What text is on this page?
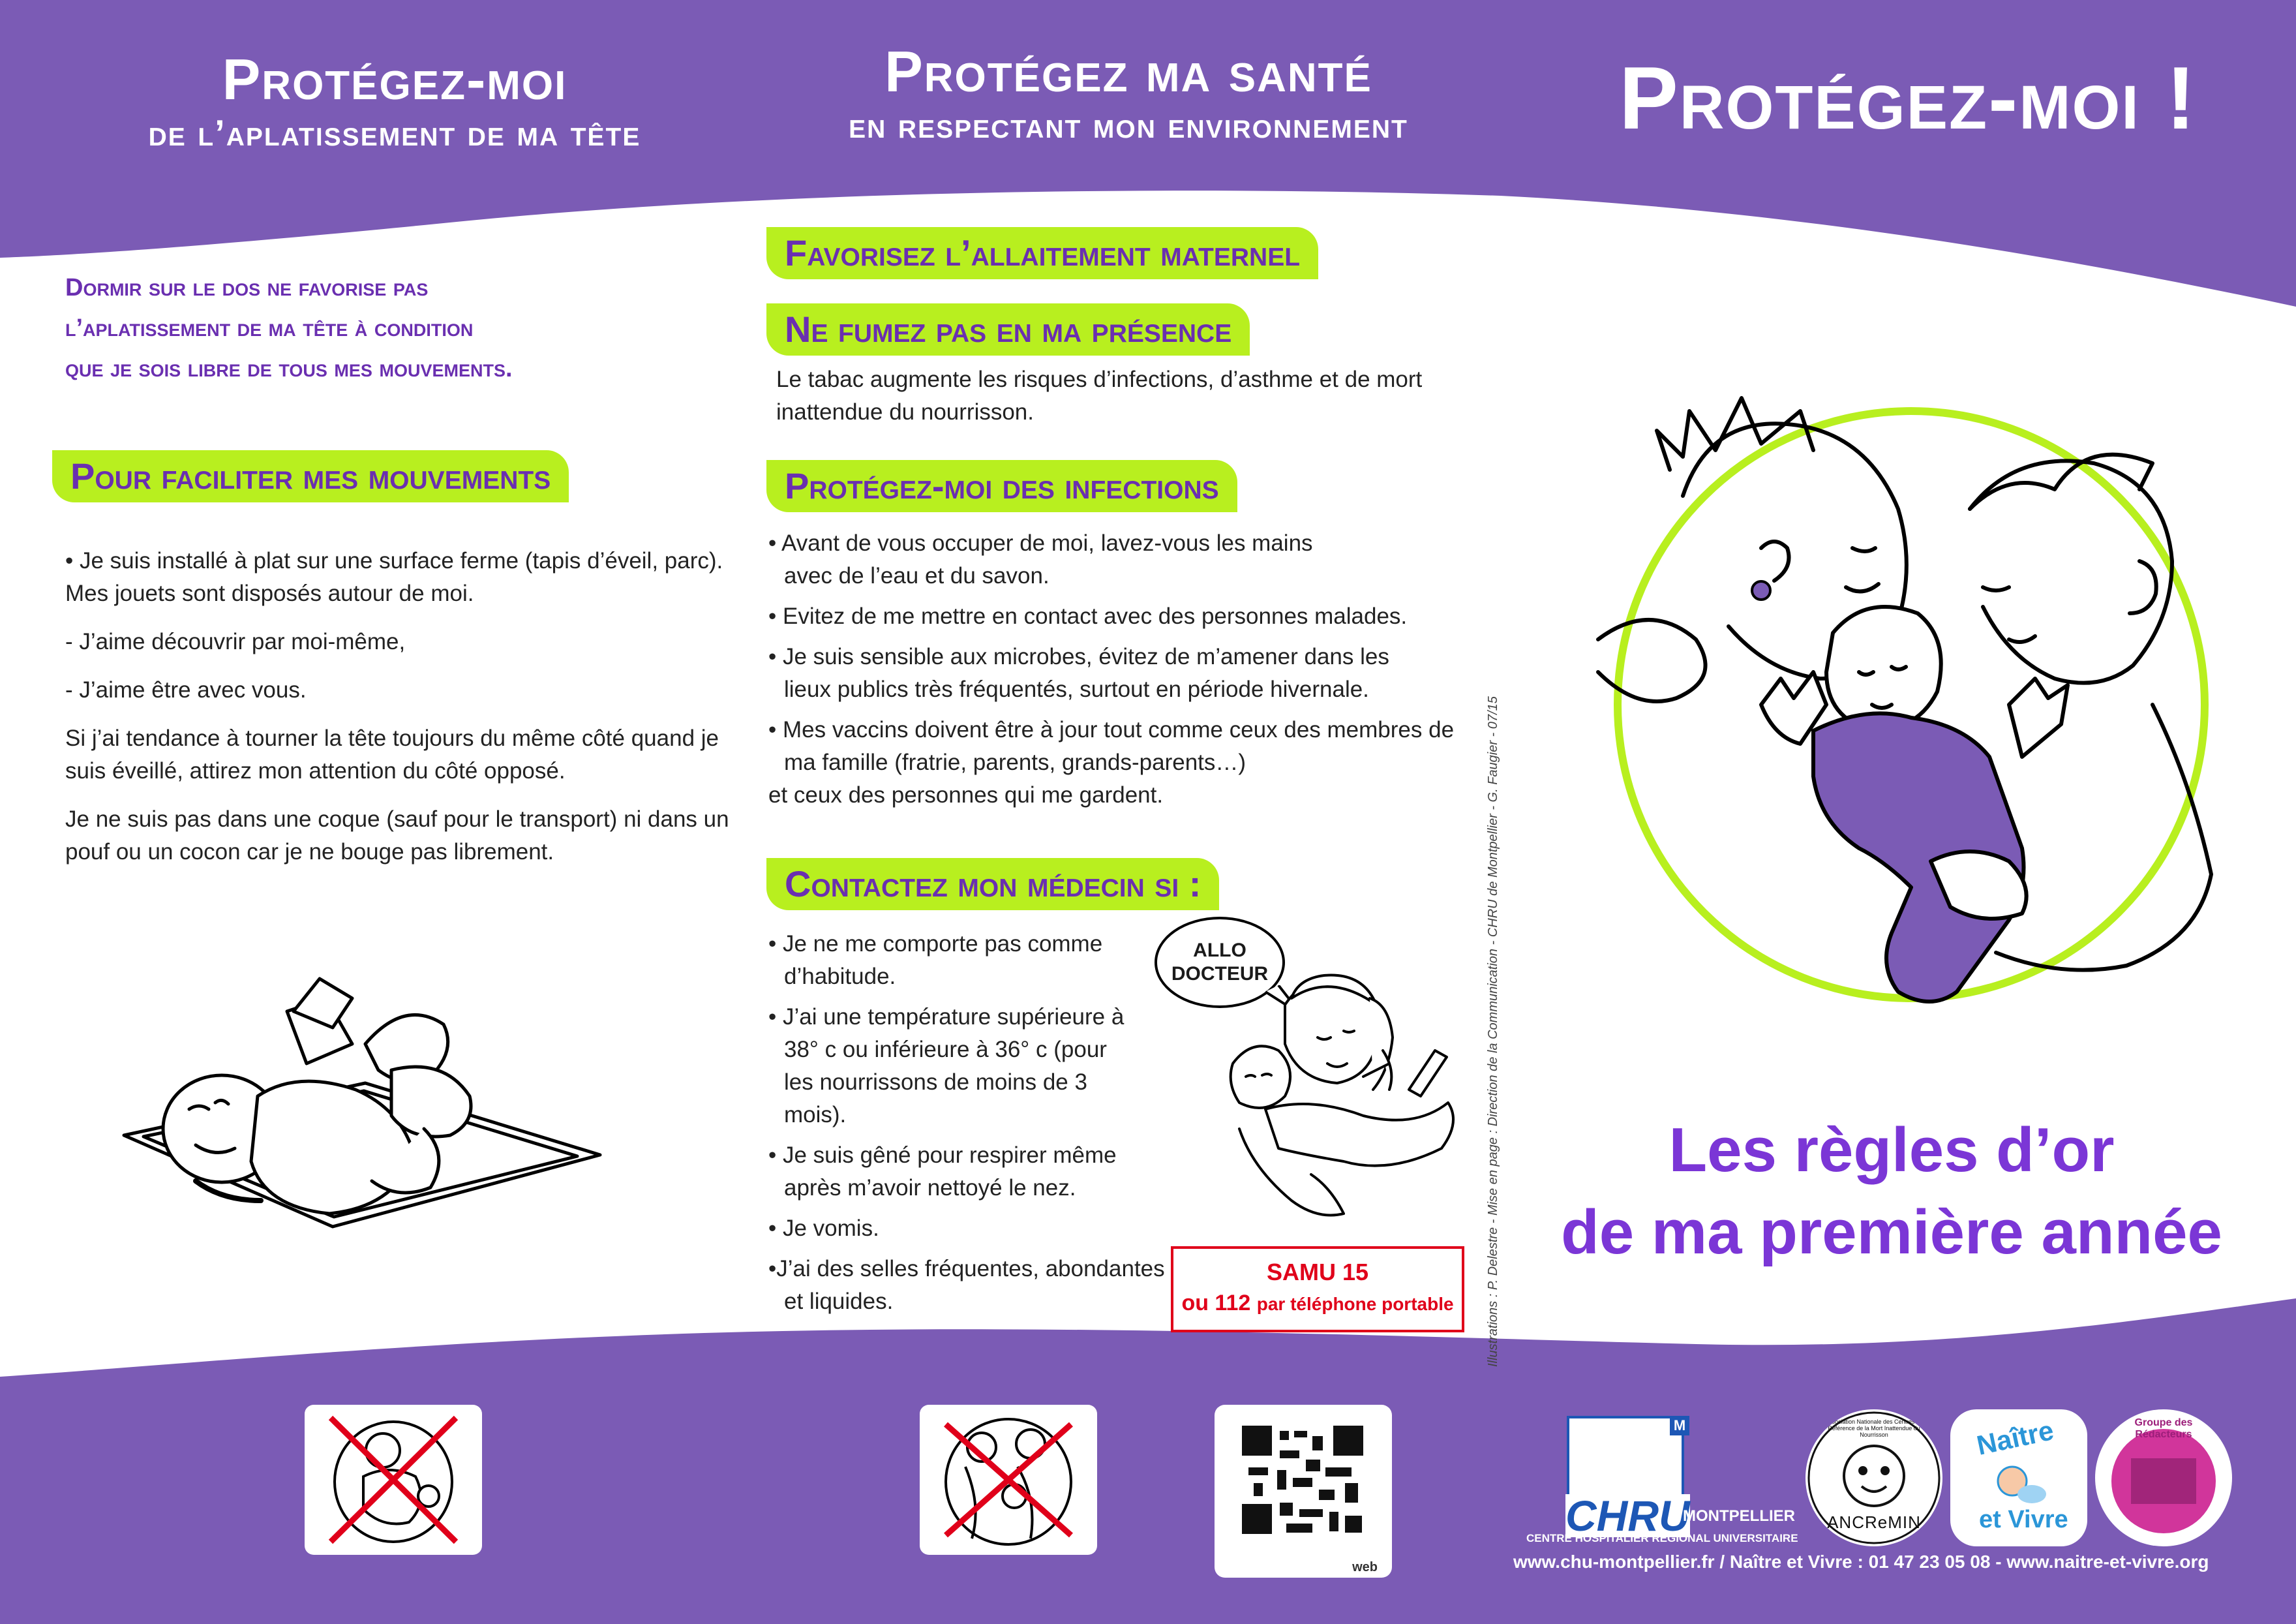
Protégez-moi
de l’aplatissement de ma tête
Protégez ma santé
en respectant mon environnement	Protégez-moi !
Dormir sur le dos ne favorise pas
l’aplatissement de ma tête à condition
que je sois libre de tous mes mouvements.
Pour faciliter mes mouvements

• Je suis installé à plat sur une surface ferme (tapis d’éveil, parc). Mes jouets sont disposés autour de moi.

- J’aime découvrir par moi-même,

- J’aime être avec vous.

Si j’ai tendance à tourner la tête toujours du même côté quand je suis éveillé, attirez mon attention du côté opposé.

Je ne suis pas dans une coque (sauf pour le transport) ni dans un pouf ou un cocon car je ne bouge pas librement.

Favorisez l’allaitement maternel
Ne fumez pas en ma présence
Le tabac augmente les risques d’infections, d’asthme et de mort inattendue du nourrisson.
Protégez-moi des infections
• Avant de vous occuper de moi, lavez-vous les mains avec de l’eau et du savon.
• Evitez de me mettre en contact avec des personnes malades.
• Je suis sensible aux microbes, évitez de m’amener dans les lieux publics très fréquentés, surtout en période hivernale.
• Mes vaccins doivent être à jour tout comme ceux des membres de ma famille (fratrie, parents, grands-parents…)
et ceux des personnes qui me gardent.
Contactez mon médecin si :
• Je ne me comporte pas comme d’habitude.
• J’ai une température supérieure à 38° c ou inférieure à 36° c (pour les nourrissons de moins de 3 mois).
• Je suis gêné pour respirer même après m’avoir nettoyé le nez.
• Je vomis.
•J’ai des selles fréquentes, abondantes et liquides.
ALLO
DOCTEUR
SAMU 15
ou 112 par téléphone portable	Illustrations : P. Delestre - Mise en page : Direction de la Communication - CHRU de Montpellier - G. Faugier - 07/15	Les règles d’or
de ma première année
web
M
CHRU
MONTPELLIER
CENTRE HOSPITALIER REGIONAL UNIVERSITAIRE
Association Nationale des Centres de Référence de la Mort Inattendue du Nourrisson
ANCReMIN
Naître
et Vivre
Groupe des Rédacteurs
www.chu-montpellier.fr / Naître et Vivre : 01 47 23 05 08 - www.naitre-et-vivre.org
